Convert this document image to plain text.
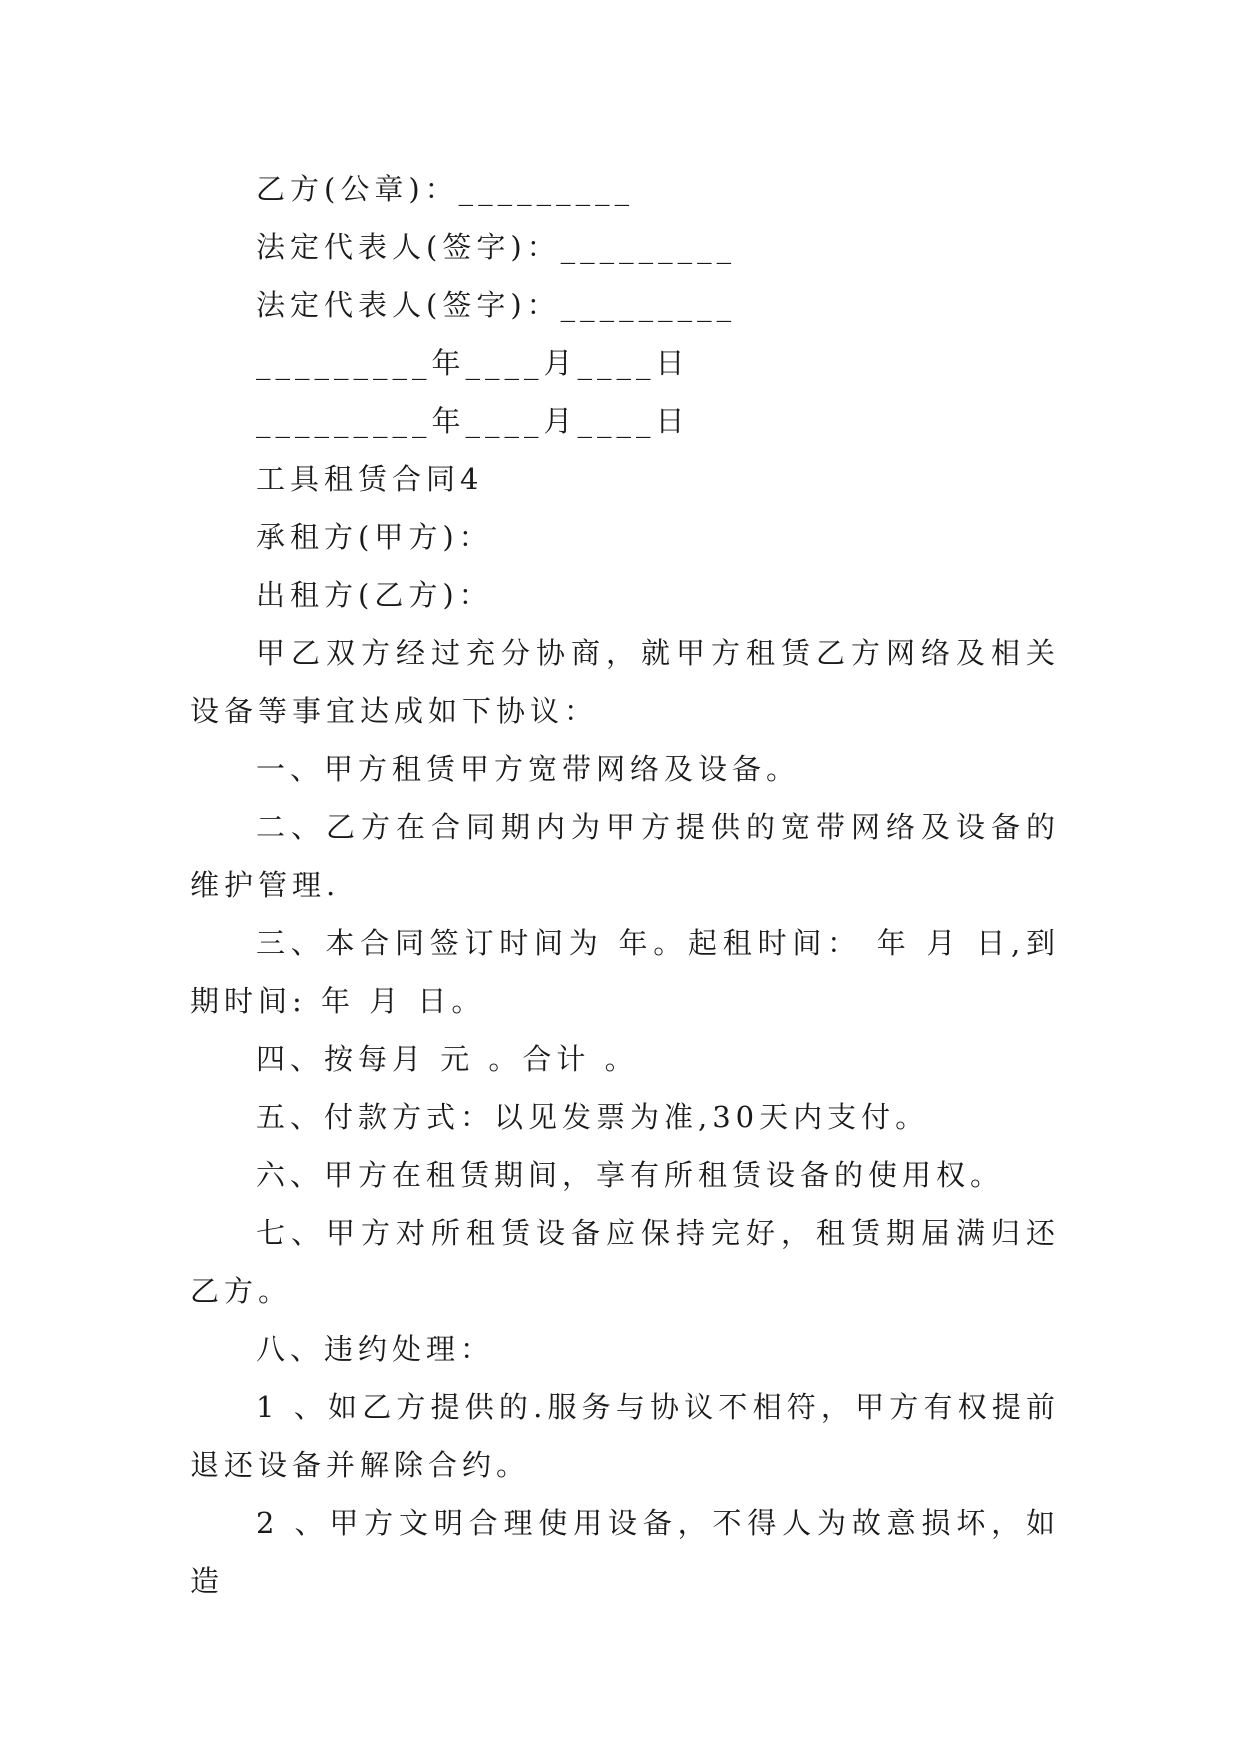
乙方(公章)：_________
法定代表人(签字)：_________
法定代表人(签字)：_________
_________年____月____日
_________年____月____日
工具租赁合同4
承租方(甲方)：
出租方(乙方)：
甲乙双方经过充分协商，就甲方租赁乙方网络及相关设备等事宜达成如下协议：
一、甲方租赁甲方宽带网络及设备。
二、乙方在合同期内为甲方提供的宽带网络及设备的维护管理.
三、本合同签订时间为 年。起租时间： 年 月 日,到期时间: 年 月 日。
四、按每月 元 。合计 。
五、付款方式：以见发票为准,30天内支付。
六、甲方在租赁期间，享有所租赁设备的使用权。
七、甲方对所租赁设备应保持完好，租赁期届满归还乙方。
八、违约处理：
1 、如乙方提供的.服务与协议不相符，甲方有权提前退还设备并解除合约。
2 、甲方文明合理使用设备，不得人为故意损坏，如造
